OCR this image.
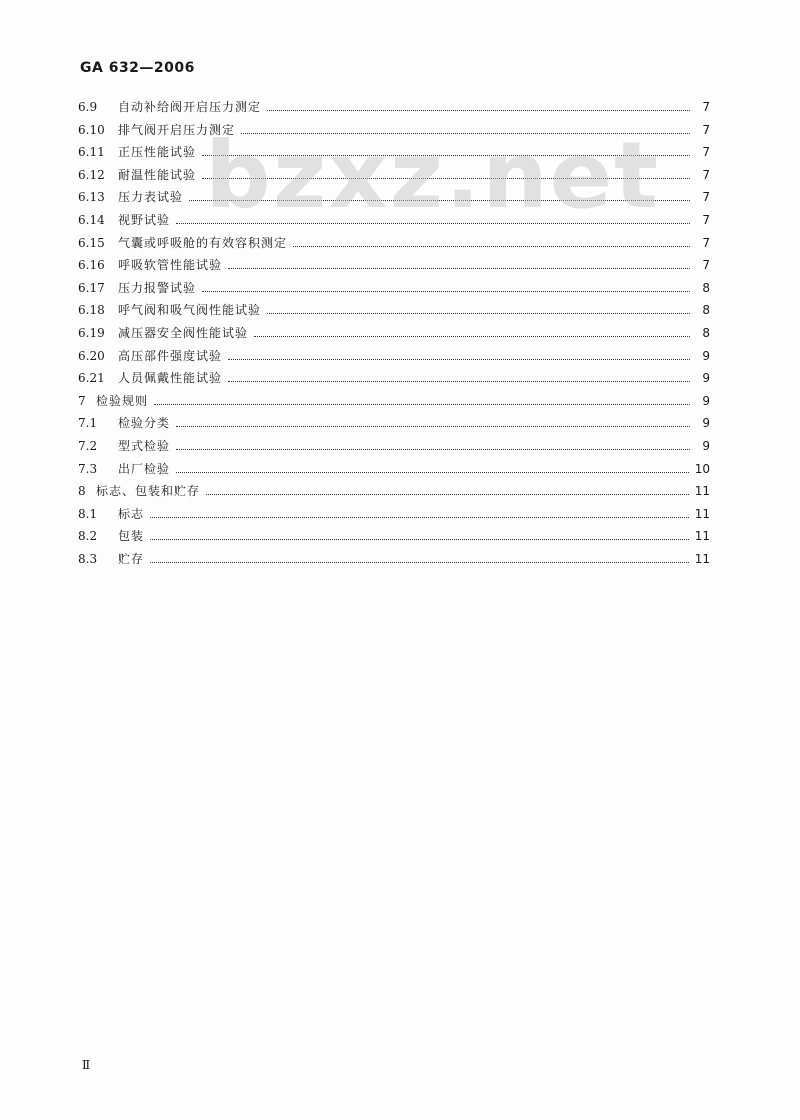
GA 632—2006
6.9	自动补给阀开启压力测定	7
6.10	排气阀开启压力测定	7
6.11	正压性能试验	7
6.12	耐温性能试验	7
6.13	压力表试验	7
6.14	视野试验	7
6.15	气囊或呼吸舱的有效容积测定	7
6.16	呼吸软管性能试验	7
6.17	压力报警试验	8
6.18	呼气阀和吸气阀性能试验	8
6.19	减压器安全阀性能试验	8
6.20	高压部件强度试验	9
6.21	人员佩戴性能试验	9
7 检验规则	9
7.1	检验分类	9
7.2	型式检验	9
7.3	出厂检验	10
8 标志、包装和贮存	11
8.1	标志	11
8.2	包装	11
8.3	贮存	11
bzxz.net
Ⅱ
